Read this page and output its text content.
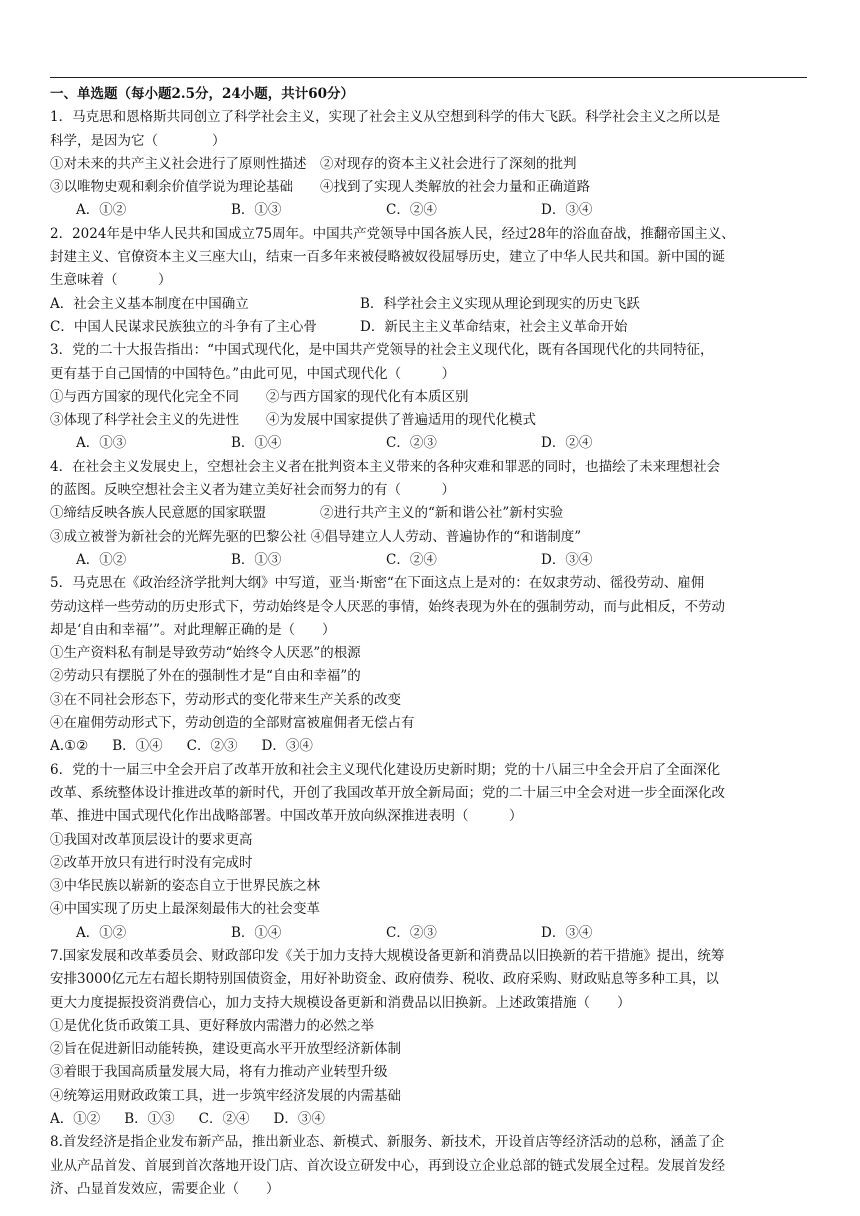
一、单选题（每小题2.5分，24小题，共计60分）
1．马克思和恩格斯共同创立了科学社会主义，实现了社会主义从空想到科学的伟大飞跃。科学社会主义之所以是
科学，是因为它（　　　　）
①对未来的共产主义社会进行了原则性描述　②对现存的资本主义社会进行了深刻的批判
③以唯物史观和剩余价值学说为理论基础　　④找到了实现人类解放的社会力量和正确道路
A．①②	B．①③	C．②④	D．③④
2．2024年是中华人民共和国成立75周年。中国共产党领导中国各族人民，经过28年的浴血奋战，推翻帝国主义、
封建主义、官僚资本主义三座大山，结束一百多年来被侵略被奴役屈辱历史，建立了中华人民共和国。新中国的诞
生意味着（　　　）
A．社会主义基本制度在中国确立	B．科学社会主义实现从理论到现实的历史飞跃
C．中国人民谋求民族独立的斗争有了主心骨	D．新民主主义革命结束，社会主义革命开始
3．党的二十大报告指出：“中国式现代化，是中国共产党领导的社会主义现代化，既有各国现代化的共同特征，
更有基于自己国情的中国特色。”由此可见，中国式现代化（　　　）
①与西方国家的现代化完全不同　　②与西方国家的现代化有本质区别
③体现了科学社会主义的先进性　　④为发展中国家提供了普遍适用的现代化模式
A．①③	B．①④	C．②③	D．②④
4．在社会主义发展史上，空想社会主义者在批判资本主义带来的各种灾难和罪恶的同时，也描绘了未来理想社会
的蓝图。反映空想社会主义者为建立美好社会而努力的有（　　　）
①缔结反映各族人民意愿的国家联盟　　　　②进行共产主义的“新和谐公社”新村实验
③成立被誉为新社会的光辉先驱的巴黎公社 ④倡导建立人人劳动、普遍协作的“和谐制度”
A．①②	B．①③	C．②④	D．③④
5．马克思在《政治经济学批判大纲》中写道，亚当·斯密“在下面这点上是对的：在奴隶劳动、徭役劳动、雇佣
劳动这样一些劳动的历史形式下，劳动始终是令人厌恶的事情，始终表现为外在的强制劳动，而与此相反，不劳动
却是‘自由和幸福’”。对此理解正确的是（　　）
①生产资料私有制是导致劳动“始终令人厌恶”的根源
②劳动只有摆脱了外在的强制性才是“自由和幸福”的
③在不同社会形态下，劳动形式的变化带来生产关系的改变
④在雇佣劳动形式下，劳动创造的全部财富被雇佣者无偿占有
A.①② B．①④ C．②③ D．③④
6．党的十一届三中全会开启了改革开放和社会主义现代化建设历史新时期；党的十八届三中全会开启了全面深化
改革、系统整体设计推进改革的新时代，开创了我国改革开放全新局面；党的二十届三中全会对进一步全面深化改
革、推进中国式现代化作出战略部署。中国改革开放向纵深推进表明（　　　）
①我国对改革顶层设计的要求更高
②改革开放只有进行时没有完成时
③中华民族以崭新的姿态自立于世界民族之林
④中国实现了历史上最深刻最伟大的社会变革
A．①②	B．①④	C．②③	D．③④
7.国家发展和改革委员会、财政部印发《关于加力支持大规模设备更新和消费品以旧换新的若干措施》提出，统筹
安排3000亿元左右超长期特别国债资金，用好补助资金、政府债券、税收、政府采购、财政贴息等多种工具，以
更大力度提振投资消费信心，加力支持大规模设备更新和消费品以旧换新。上述政策措施（　　）
①是优化货币政策工具、更好释放内需潜力的必然之举
②旨在促进新旧动能转换，建设更高水平开放型经济新体制
③着眼于我国高质量发展大局，将有力推动产业转型升级
④统筹运用财政政策工具，进一步筑牢经济发展的内需基础
A．①② B．①③ C．②④ D．③④
8.首发经济是指企业发布新产品，推出新业态、新模式、新服务、新技术，开设首店等经济活动的总称，涵盖了企
业从产品首发、首展到首次落地开设门店、首次设立研发中心，再到设立企业总部的链式发展全过程。发展首发经
济、凸显首发效应，需要企业（　　）
